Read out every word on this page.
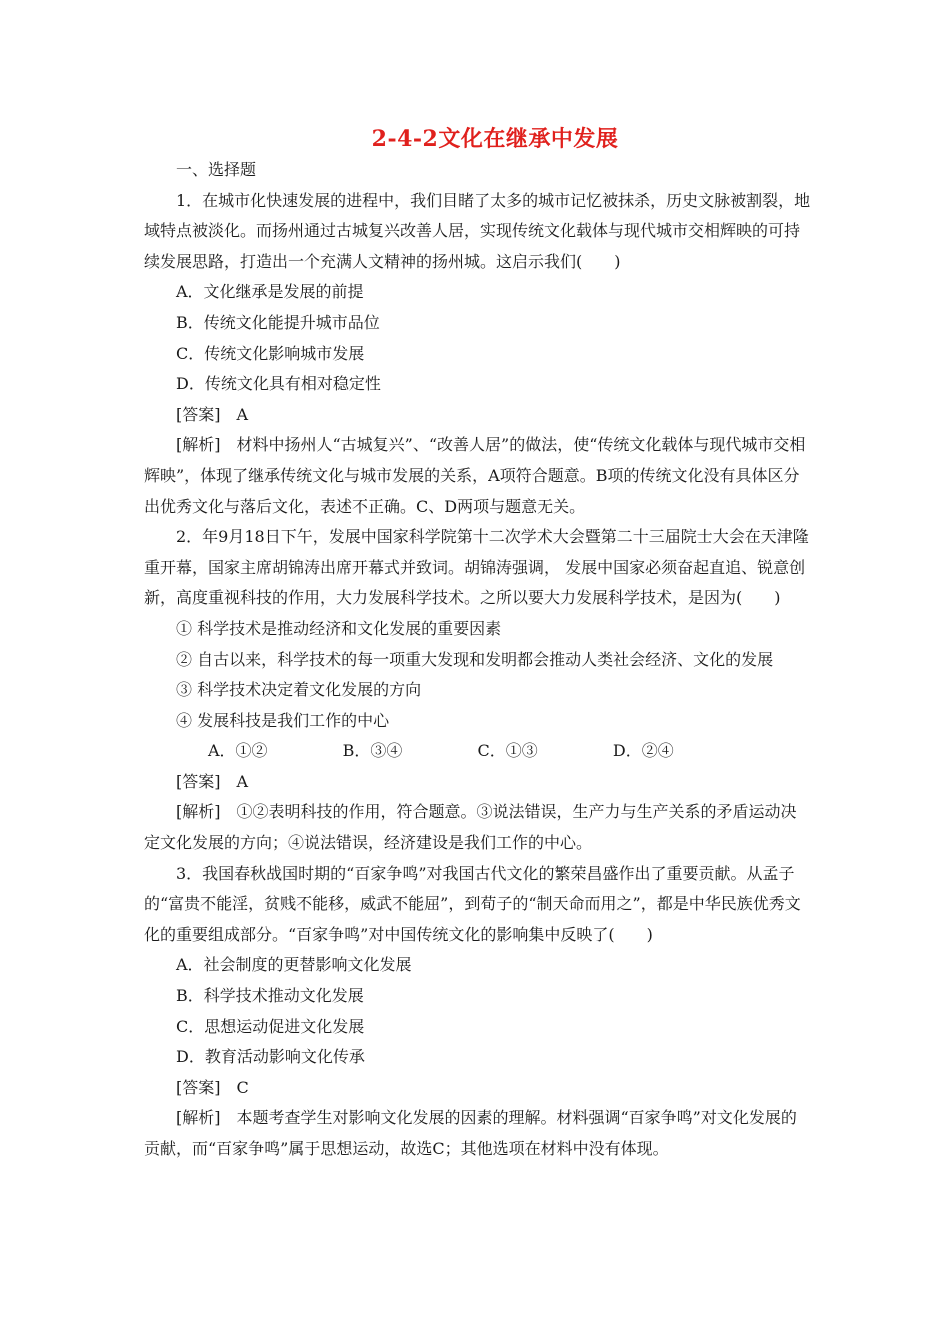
2-4-2文化在继承中发展

一、选择题

1．在城市化快速发展的进程中，我们目睹了太多的城市记忆被抹杀，历史文脉被割裂，地域特点被淡化。而扬州通过古城复兴改善人居，实现传统文化载体与现代城市交相辉映的可持续发展思路，打造出一个充满人文精神的扬州城。这启示我们(　　)

A．文化继承是发展的前提

B．传统文化能提升城市品位

C．传统文化影响城市发展

D．传统文化具有相对稳定性

[答案]　A

[解析]　材料中扬州人“古城复兴”、“改善人居”的做法，使“传统文化载体与现代城市交相辉映”，体现了继承传统文化与城市发展的关系，A项符合题意。B项的传统文化没有具体区分出优秀文化与落后文化，表述不正确。C、D两项与题意无关。

2．年9月18日下午，发展中国家科学院第十二次学术大会暨第二十三届院士大会在天津隆重开幕，国家主席胡锦涛出席开幕式并致词。胡锦涛强调， 发展中国家必须奋起直追、锐意创新，高度重视科技的作用，大力发展科学技术。之所以要大力发展科学技术，是因为(　　)

① 科学技术是推动经济和文化发展的重要因素

② 自古以来，科学技术的每一项重大发现和发明都会推动人类社会经济、文化的发展

③ 科学技术决定着文化发展的方向

④ 发展科技是我们工作的中心

A．①②	B．③④	C．①③	D．②④

[答案]　A

[解析]　①②表明科技的作用，符合题意。③说法错误，生产力与生产关系的矛盾运动决定文化发展的方向；④说法错误，经济建设是我们工作的中心。

3．我国春秋战国时期的“百家争鸣”对我国古代文化的繁荣昌盛作出了重要贡献。从孟子的“富贵不能淫，贫贱不能移，威武不能屈”，到荀子的“制天命而用之”，都是中华民族优秀文化的重要组成部分。“百家争鸣”对中国传统文化的影响集中反映了(　　)

A．社会制度的更替影响文化发展

B．科学技术推动文化发展

C．思想运动促进文化发展

D．教育活动影响文化传承

[答案]　C

[解析]　本题考查学生对影响文化发展的因素的理解。材料强调“百家争鸣”对文化发展的贡献，而“百家争鸣”属于思想运动，故选C；其他选项在材料中没有体现。
